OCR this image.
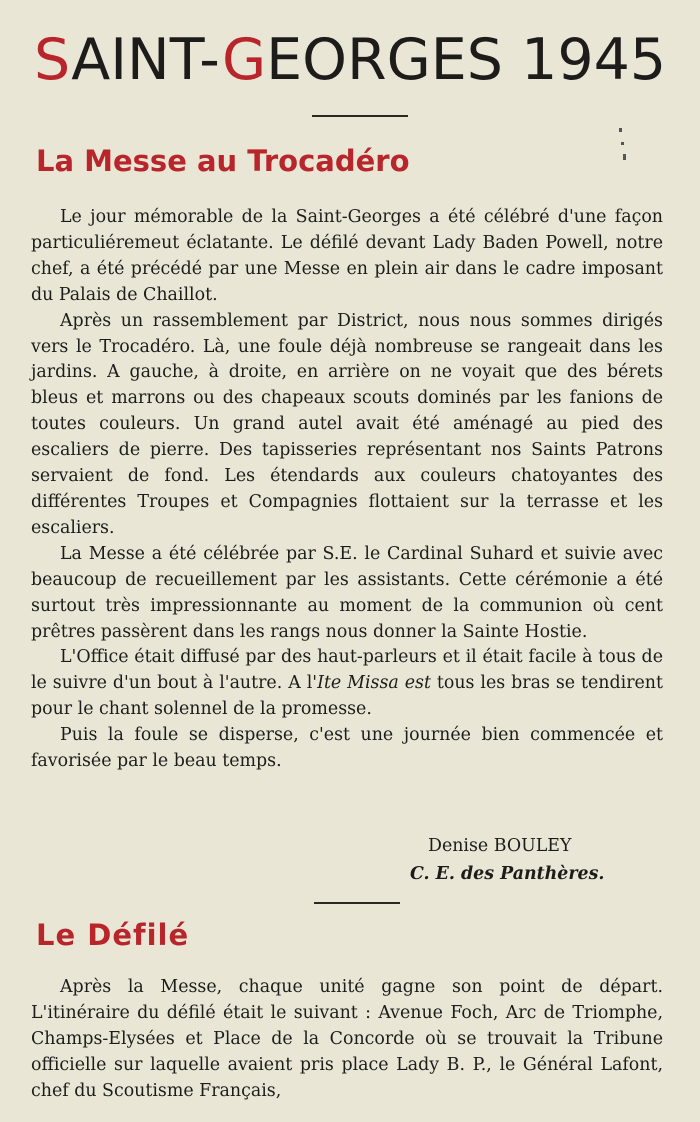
SAINT-GEORGES 1945
La Messe au Trocadéro

Le jour mémorable de la Saint-Georges a été célébré d'une façon particuliéremeut éclatante. Le défilé devant Lady Baden Powell, notre chef, a été précédé par une Messe en plein air dans le cadre imposant du Palais de Chaillot.

Après un rassemblement par District, nous nous sommes dirigés vers le Trocadéro. Là, une foule déjà nombreuse se rangeait dans les jardins. A gauche, à droite, en arrière on ne voyait que des bérets bleus et marrons ou des chapeaux scouts dominés par les fanions de toutes couleurs. Un grand autel avait été aménagé au pied des escaliers de pierre. Des tapisseries représentant nos Saints Patrons servaient de fond. Les étendards aux couleurs chatoyantes des différentes Troupes et Compagnies flottaient sur la terrasse et les escaliers.

La Messe a été célébrée par S.E. le Cardinal Suhard et suivie avec beaucoup de recueillement par les assistants. Cette cérémonie a été surtout très impressionnante au moment de la communion où cent prêtres passèrent dans les rangs nous donner la Sainte Hostie.

L'Office était diffusé par des haut-parleurs et il était facile à tous de le suivre d'un bout à l'autre. A l'Ite Missa est tous les bras se tendirent pour le chant solennel de la promesse.

Puis la foule se disperse, c'est une journée bien commencée et favorisée par le beau temps.

Denise BOULEY
C. E. des Panthères.
Le Défilé

Après la Messe, chaque unité gagne son point de départ. L'itinéraire du défilé était le suivant : Avenue Foch, Arc de Triomphe, Champs-Elysées et Place de la Concorde où se trouvait la Tribune officielle sur laquelle avaient pris place Lady B. P., le Général Lafont, chef du Scoutisme Français,
